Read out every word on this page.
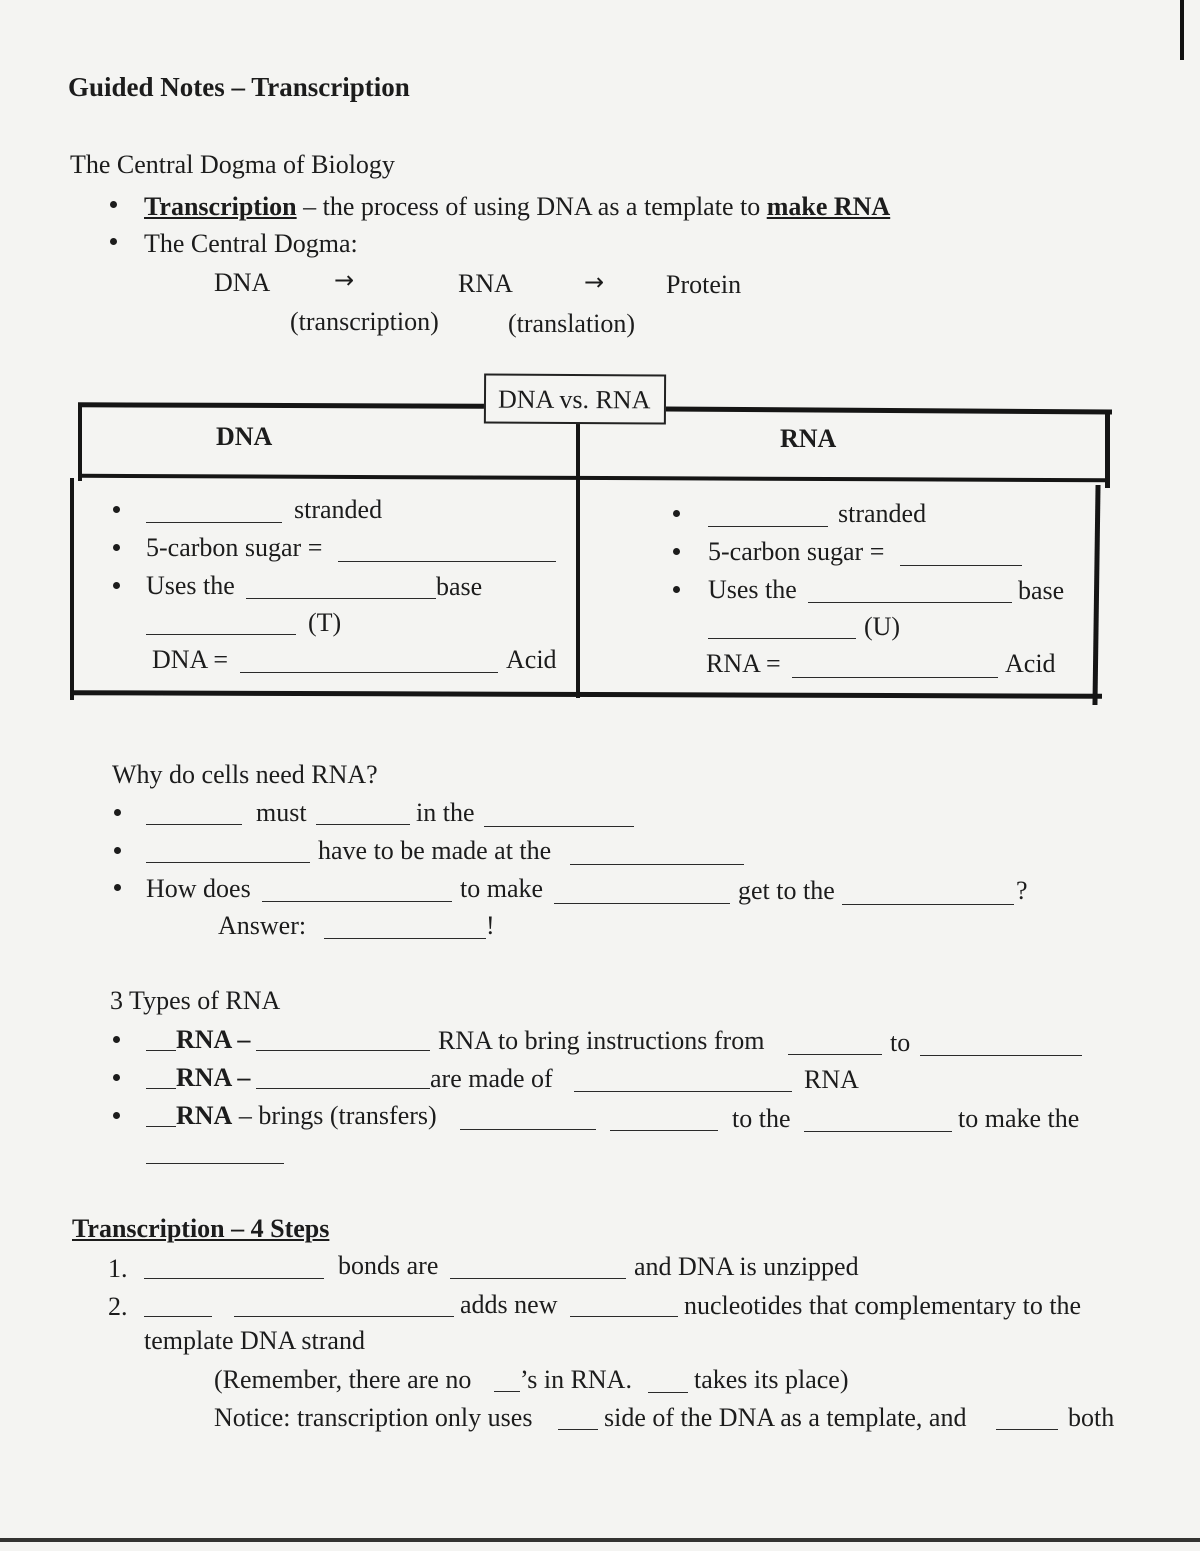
Guided Notes – Transcription
The Central Dogma of Biology
Transcription – the process of using DNA as a template to make RNA
The Central Dogma:
DNA	→	RNA	→ Protein
(transcription)	(translation)
DNA vs. RNA
DNA
stranded
5-carbon sugar =
Uses the	base
(T)
DNA =	Acid
RNA
stranded
5-carbon sugar =
Uses the	base
(U)
RNA =	Acid
Why do cells need RNA?
must	in the
have to be made at the
How does	to make	get to the	?
Answer:	!
3 Types of RNA
RNA –	RNA to bring instructions from	to
RNA –	are made of	RNA
RNA – brings (transfers)	to the	to make the
Transcription – 4 Steps
1.	bonds are	and DNA is unzipped
2.	adds new	nucleotides that complementary to the
template DNA strand
(Remember, there are no ’s in RNA. takes its place)
Notice: transcription only uses	side of the DNA as a template, and	both
